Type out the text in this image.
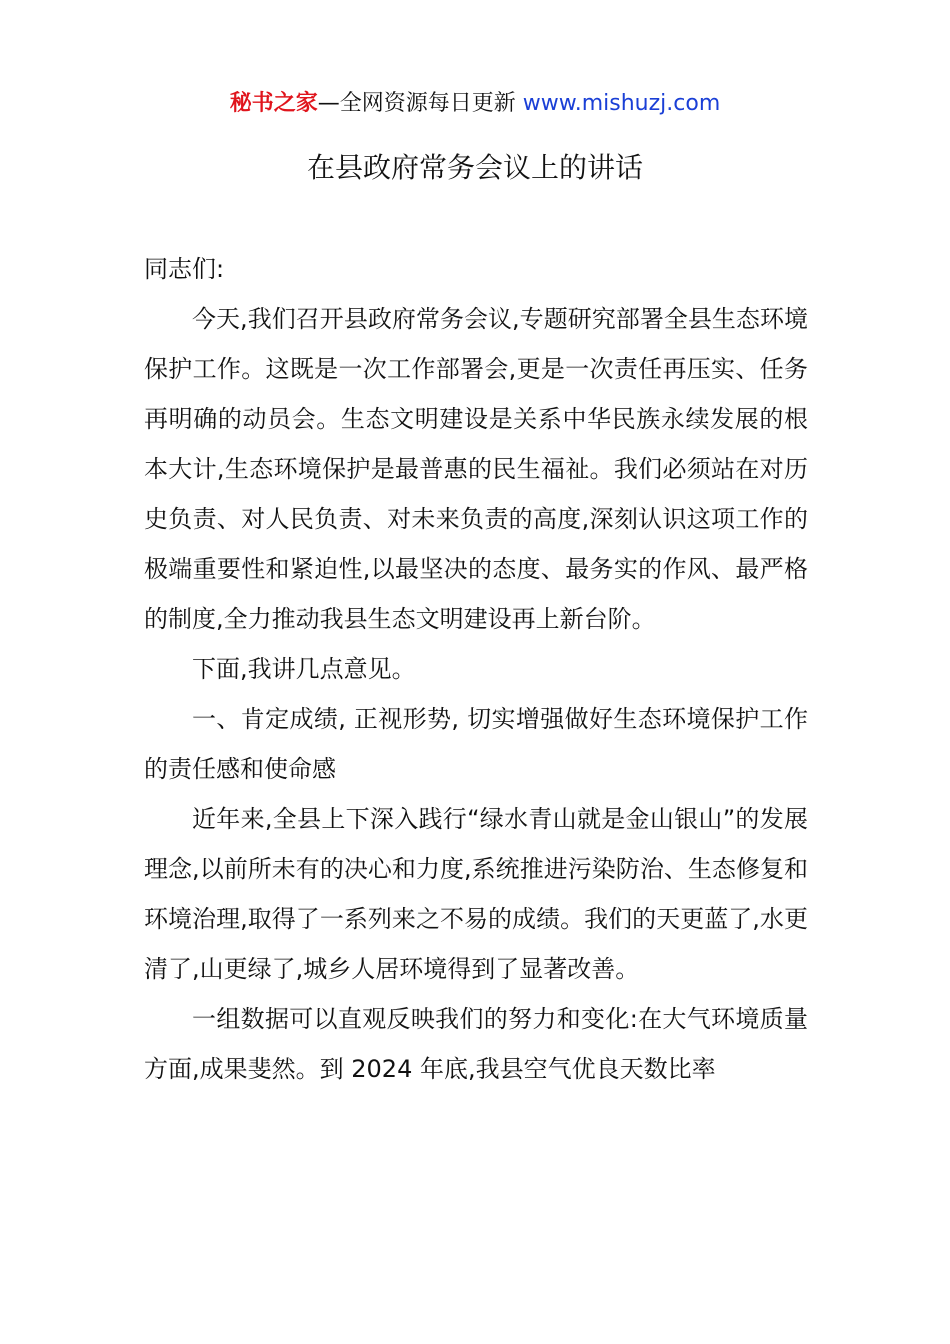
秘书之家—全网资源每日更新 www.mishuzj.com
在县政府常务会议上的讲话

同志们:

今天,我们召开县政府常务会议,专题研究部署全县生态环境保护工作。这既是一次工作部署会,更是一次责任再压实、任务再明确的动员会。生态文明建设是关系中华民族永续发展的根本大计,生态环境保护是最普惠的民生福祉。我们必须站在对历史负责、对人民负责、对未来负责的高度,深刻认识这项工作的极端重要性和紧迫性,以最坚决的态度、最务实的作风、最严格的制度,全力推动我县生态文明建设再上新台阶。

下面,我讲几点意见。

一、肯定成绩, 正视形势, 切实增强做好生态环境保护工作的责任感和使命感

近年来,全县上下深入践行“绿水青山就是金山银山”的发展理念,以前所未有的决心和力度,系统推进污染防治、生态修复和环境治理,取得了一系列来之不易的成绩。我们的天更蓝了,水更清了,山更绿了,城乡人居环境得到了显著改善。

一组数据可以直观反映我们的努力和变化:在大气环境质量方面,成果斐然。到 2024 年底,我县空气优良天数比率
